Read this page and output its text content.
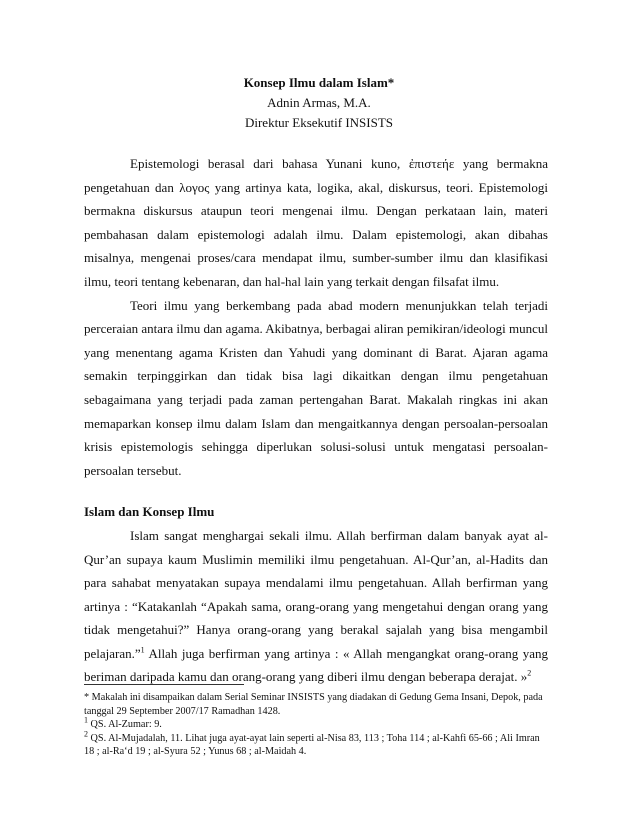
Konsep Ilmu dalam Islam*
Adnin Armas, M.A.
Direktur Eksekutif INSISTS

Epistemologi berasal dari bahasa Yunani kuno, ἐπιστεήε yang bermakna pengetahuan dan λογος yang artinya kata, logika, akal, diskursus, teori. Epistemologi bermakna diskursus ataupun teori mengenai ilmu. Dengan perkataan lain, materi pembahasan dalam epistemologi adalah ilmu. Dalam epistemologi, akan dibahas misalnya, mengenai proses/cara mendapat ilmu, sumber-sumber ilmu dan klasifikasi ilmu, teori tentang kebenaran, dan hal-hal lain yang terkait dengan filsafat ilmu.

Teori ilmu yang berkembang pada abad modern menunjukkan telah terjadi perceraian antara ilmu dan agama. Akibatnya, berbagai aliran pemikiran/ideologi muncul yang menentang agama Kristen dan Yahudi yang dominant di Barat. Ajaran agama semakin terpinggirkan dan tidak bisa lagi dikaitkan dengan ilmu pengetahuan sebagaimana yang terjadi pada zaman pertengahan Barat. Makalah ringkas ini akan memaparkan konsep ilmu dalam Islam dan mengaitkannya dengan persoalan-persoalan krisis epistemologis sehingga diperlukan solusi-solusi untuk mengatasi persoalan-persoalan tersebut.

Islam dan Konsep Ilmu

Islam sangat menghargai sekali ilmu. Allah berfirman dalam banyak ayat al-Qur’an supaya kaum Muslimin memiliki ilmu pengetahuan. Al-Qur’an, al-Hadits dan para sahabat menyatakan supaya mendalami ilmu pengetahuan. Allah berfirman yang artinya : “Katakanlah “Apakah sama, orang-orang yang mengetahui dengan orang yang tidak mengetahui?” Hanya orang-orang yang berakal sajalah yang bisa mengambil pelajaran.”$^1$ Allah juga berfirman yang artinya : « Allah mengangkat orang-orang yang beriman daripada kamu dan orang-orang yang diberi ilmu dengan beberapa derajat. »$^2$

* Makalah ini disampaikan dalam Serial Seminar INSISTS yang diadakan di Gedung Gema Insani, Depok, pada tanggal 29 September 2007/17 Ramadhan 1428.
$^1$ QS. Al-Zumar: 9.
$^2$ QS. Al-Mujadalah, 11. Lihat juga ayat-ayat lain seperti al-Nisa 83, 113 ; Toha 114 ; al-Kahfi 65-66 ; Ali Imran 18 ; al-Ra‘d 19 ; al-Syura 52 ; Yunus 68 ; al-Maidah 4.
